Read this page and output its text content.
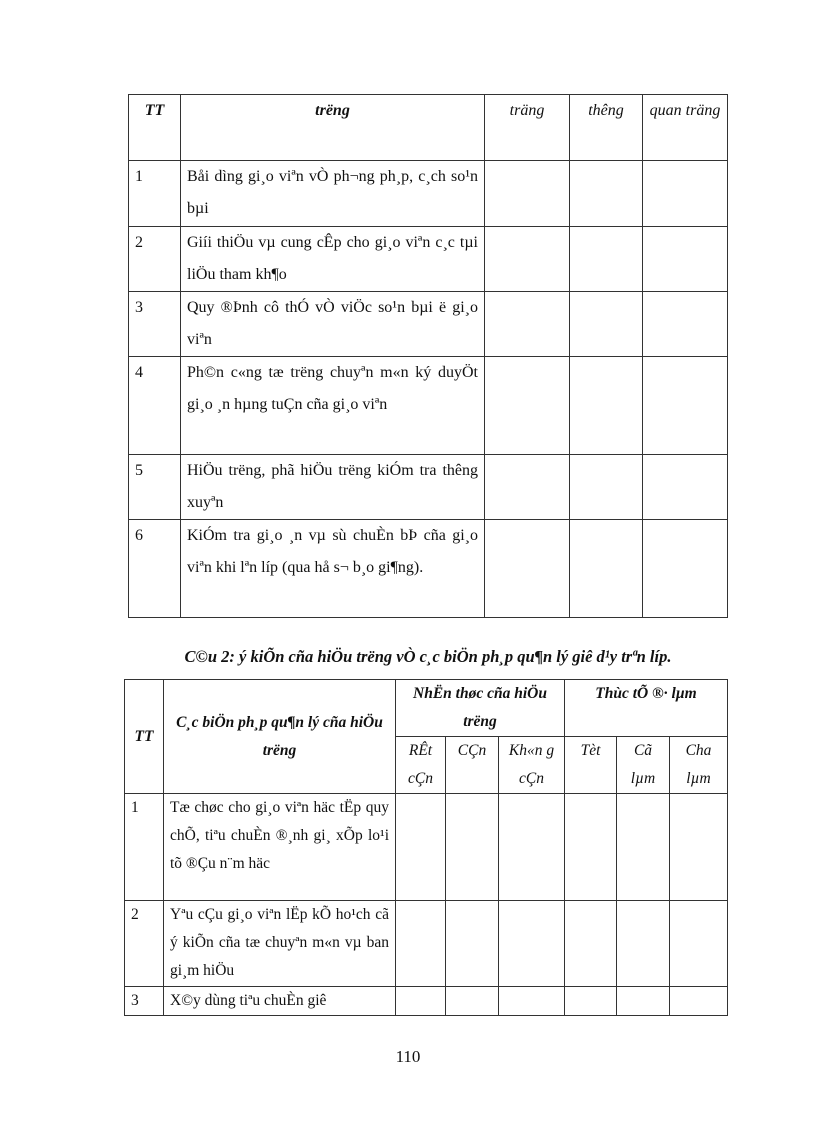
TT	trëng	träng	thêng	quan träng
1	Båi dìng gi¸o viªn vÒ ph¬ng ph¸p, c¸ch so¹n bµi			
2	Giíi thiÖu vµ cung cÊp cho gi¸o viªn c¸c tµi liÖu tham kh¶o			
3	Quy ®Þnh cô thÓ vÒ viÖc so¹n bµi ë gi¸o viªn			
4	Ph©n c«ng tæ trëng chuyªn m«n ký duyÖt gi¸o ¸n hµng tuÇn cña gi¸o viªn			
5	HiÖu trëng, phã hiÖu trëng kiÓm tra thêng xuyªn			
6	KiÓm tra gi¸o ¸n vµ sù chuÈn bÞ cña gi¸o viªn khi lªn líp (qua hå s¬ b¸o gi¶ng).			
C©u 2: ý kiÕn cña hiÖu trëng vÒ c¸c biÖn ph¸p qu¶n lý giê d¹y trªn líp.
TT	C¸c biÖn ph¸p qu¶n lý cña hiÖu trëng	NhËn thøc cña hiÖu trëng			Thùc tÕ ®· lµm		
		RÊt cÇn	CÇn	Kh«n g cÇn	Tèt	Cã lµm	Cha lµm
1	Tæ chøc cho gi¸o viªn häc tËp quy chÕ, tiªu chuÈn ®¸nh gi¸ xÕp lo¹i tõ ®Çu n¨m häc						
2	Yªu cÇu gi¸o viªn lËp kÕ ho¹ch cã ý kiÕn cña tæ chuyªn m«n vµ ban gi¸m hiÖu						
3	X©y dùng tiªu chuÈn giê						
110
